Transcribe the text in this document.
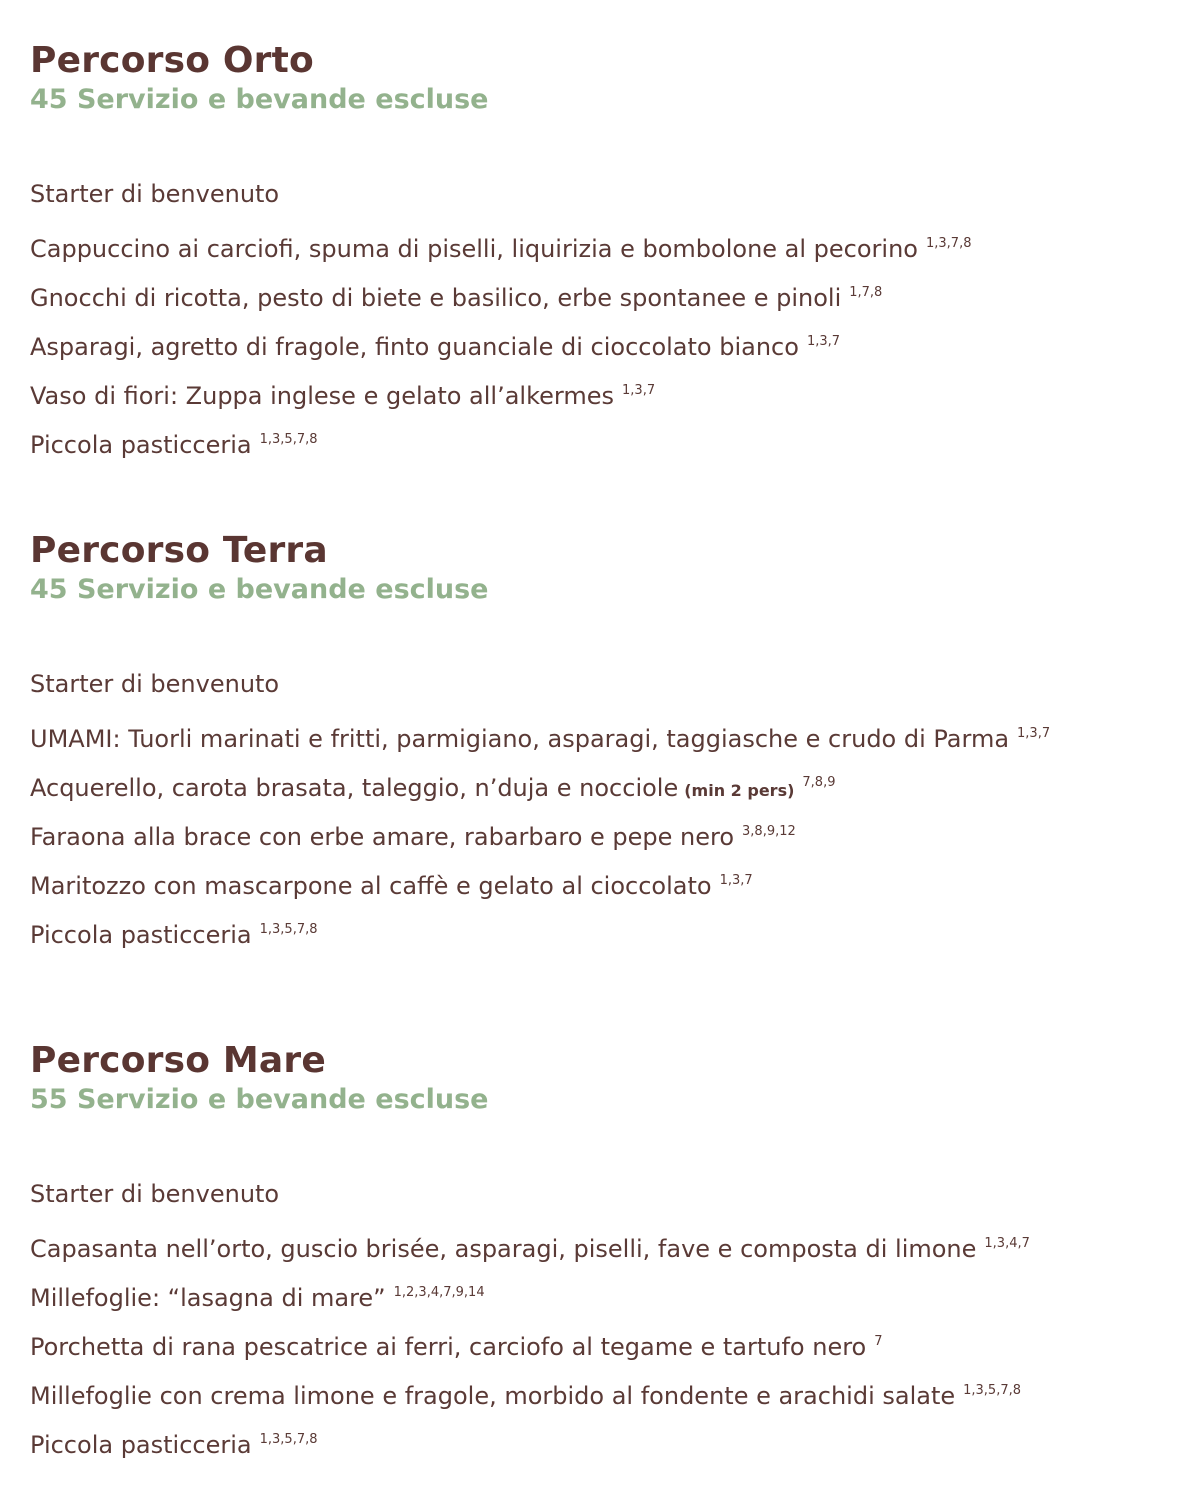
Percorso Orto

45 Servizio e bevande escluse

Starter di benvenuto
Cappuccino ai carciofi, spuma di piselli, liquirizia e bombolone al pecorino $^{1,3,7,8}$
Gnocchi di ricotta, pesto di biete e basilico, erbe spontanee e pinoli $^{1,7,8}$
Asparagi, agretto di fragole, finto guanciale di cioccolato bianco $^{1,3,7}$
Vaso di fiori: Zuppa inglese e gelato all’alkermes $^{1,3,7}$
Piccola pasticceria $^{1,3,5,7,8}$
Percorso Terra

45 Servizio e bevande escluse

Starter di benvenuto
UMAMI: Tuorli marinati e fritti, parmigiano, asparagi, taggiasche e crudo di Parma $^{1,3,7}$
Acquerello, carota brasata, taleggio, n’duja e nocciole (min 2 pers) $^{7,8,9}$
Faraona alla brace con erbe amare, rabarbaro e pepe nero $^{3,8,9,12}$
Maritozzo con mascarpone al caffè e gelato al cioccolato $^{1,3,7}$
Piccola pasticceria $^{1,3,5,7,8}$
Percorso Mare

55 Servizio e bevande escluse

Starter di benvenuto
Capasanta nell’orto, guscio brisée, asparagi, piselli, fave e composta di limone $^{1,3,4,7}$
Millefoglie: “lasagna di mare” $^{1,2,3,4,7,9,14}$
Porchetta di rana pescatrice ai ferri, carciofo al tegame e tartufo nero $^7$
Millefoglie con crema limone e fragole, morbido al fondente e arachidi salate $^{1,3,5,7,8}$
Piccola pasticceria $^{1,3,5,7,8}$
